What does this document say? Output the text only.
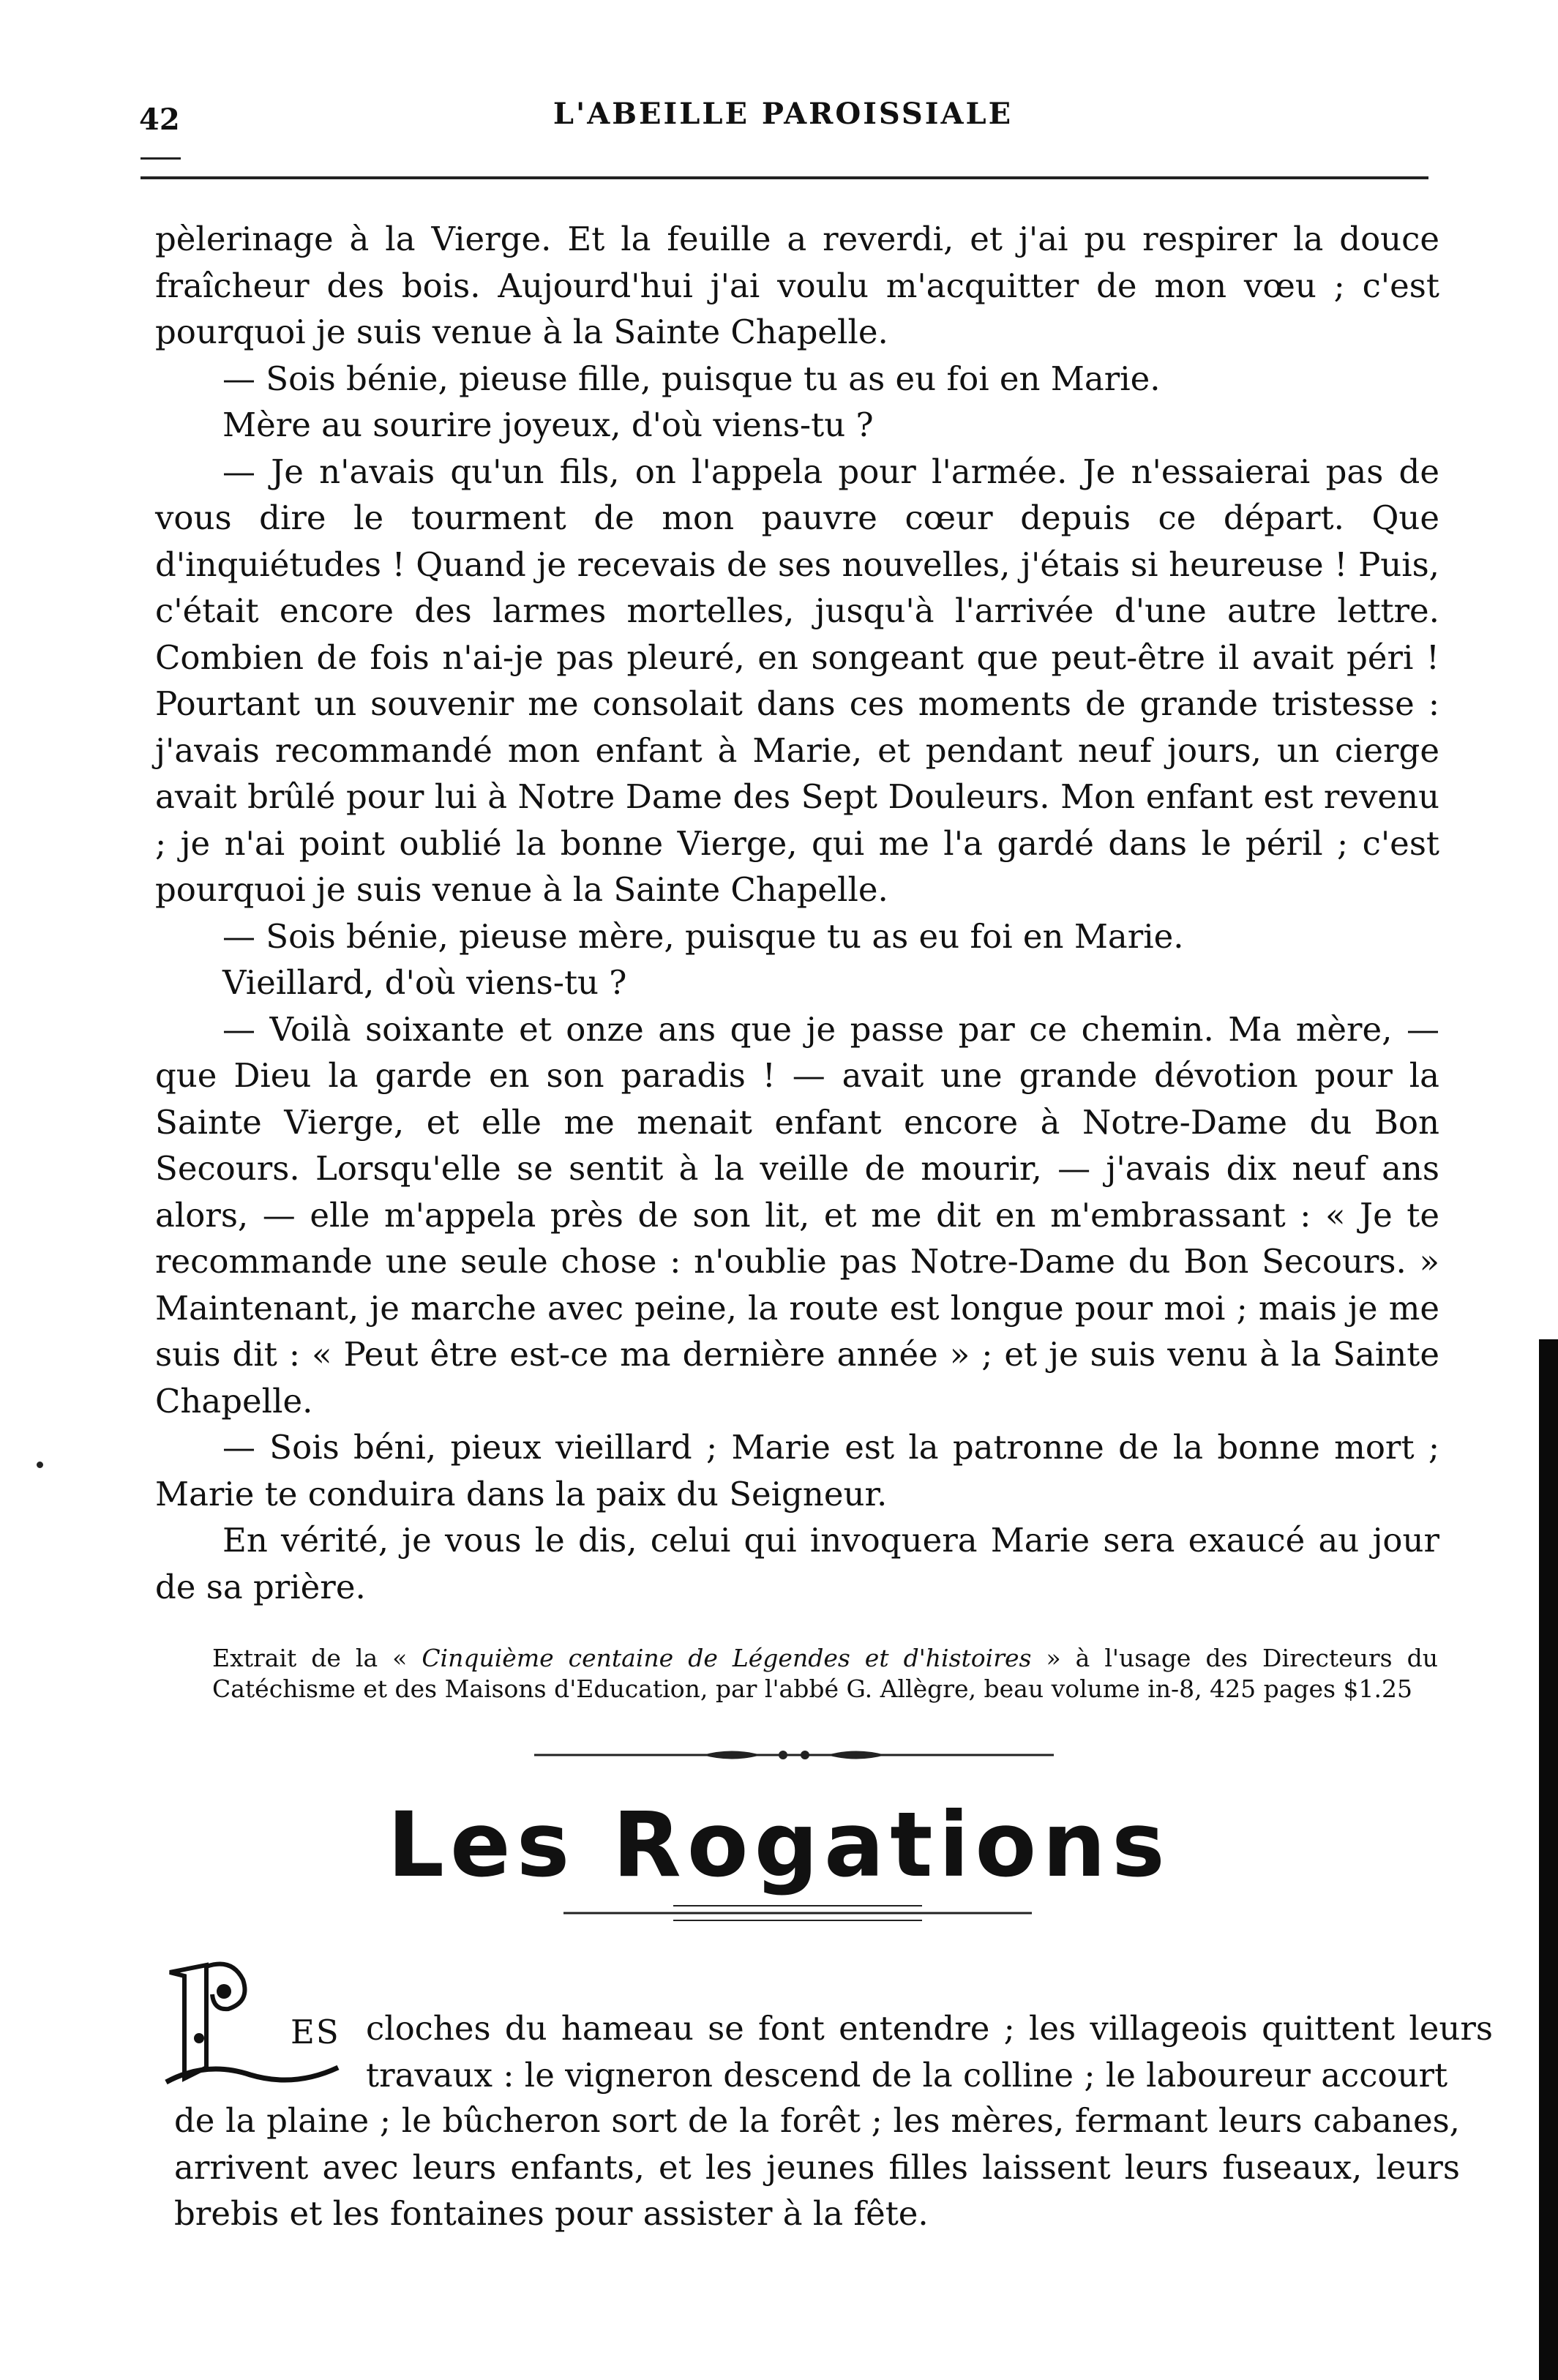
42	L'ABEILLE PAROISSIALE

pèlerinage à la Vierge. Et la feuille a reverdi, et j'ai pu respirer la douce fraîcheur des bois. Aujourd'hui j'ai voulu m'acquitter de mon vœu ; c'est pourquoi je suis venue à la Sainte Chapelle.

— Sois bénie, pieuse fille, puisque tu as eu foi en Marie.

Mère au sourire joyeux, d'où viens-tu ?

— Je n'avais qu'un fils, on l'appela pour l'armée. Je n'essaierai pas de vous dire le tourment de mon pauvre cœur depuis ce départ. Que d'inquiétudes ! Quand je recevais de ses nouvelles, j'étais si heureuse ! Puis, c'était encore des larmes mortelles, jusqu'à l'arrivée d'une autre lettre. Combien de fois n'ai-je pas pleuré, en songeant que peut-être il avait péri ! Pourtant un souvenir me consolait dans ces moments de grande tristesse : j'avais recommandé mon enfant à Marie, et pendant neuf jours, un cierge avait brûlé pour lui à Notre Dame des Sept Douleurs. Mon enfant est revenu ; je n'ai point oublié la bonne Vierge, qui me l'a gardé dans le péril ; c'est pourquoi je suis venue à la Sainte Chapelle.

— Sois bénie, pieuse mère, puisque tu as eu foi en Marie.

Vieillard, d'où viens-tu ?

— Voilà soixante et onze ans que je passe par ce chemin. Ma mère, — que Dieu la garde en son paradis ! — avait une grande dévotion pour la Sainte Vierge, et elle me menait enfant encore à Notre-Dame du Bon Secours. Lorsqu'elle se sentit à la veille de mourir, — j'avais dix neuf ans alors, — elle m'appela près de son lit, et me dit en m'embrassant : « Je te recommande une seule chose : n'oublie pas Notre-Dame du Bon Secours. » Maintenant, je marche avec peine, la route est longue pour moi ; mais je me suis dit : « Peut être est-ce ma dernière année » ; et je suis venu à la Sainte Chapelle.

— Sois béni, pieux vieillard ; Marie est la patronne de la bonne mort ; Marie te conduira dans la paix du Seigneur.

En vérité, je vous le dis, celui qui invoquera Marie sera exaucé au jour de sa prière.

Extrait de la « Cinquième centaine de Légendes et d'histoires » à l'usage des Directeurs du Catéchisme et des Maisons d'Education, par l'abbé G. Allègre, beau volume in-8, 425 pages $1.25

Les Rogations
ES cloches du hameau se font entendre ; les villageois quittent leurs travaux : le vigneron descend de la colline ; le laboureur accourt

de la plaine ; le bûcheron sort de la forêt ; les mères, fermant leurs cabanes, arrivent avec leurs enfants, et les jeunes filles laissent leurs fuseaux, leurs brebis et les fontaines pour assister à la fête.
